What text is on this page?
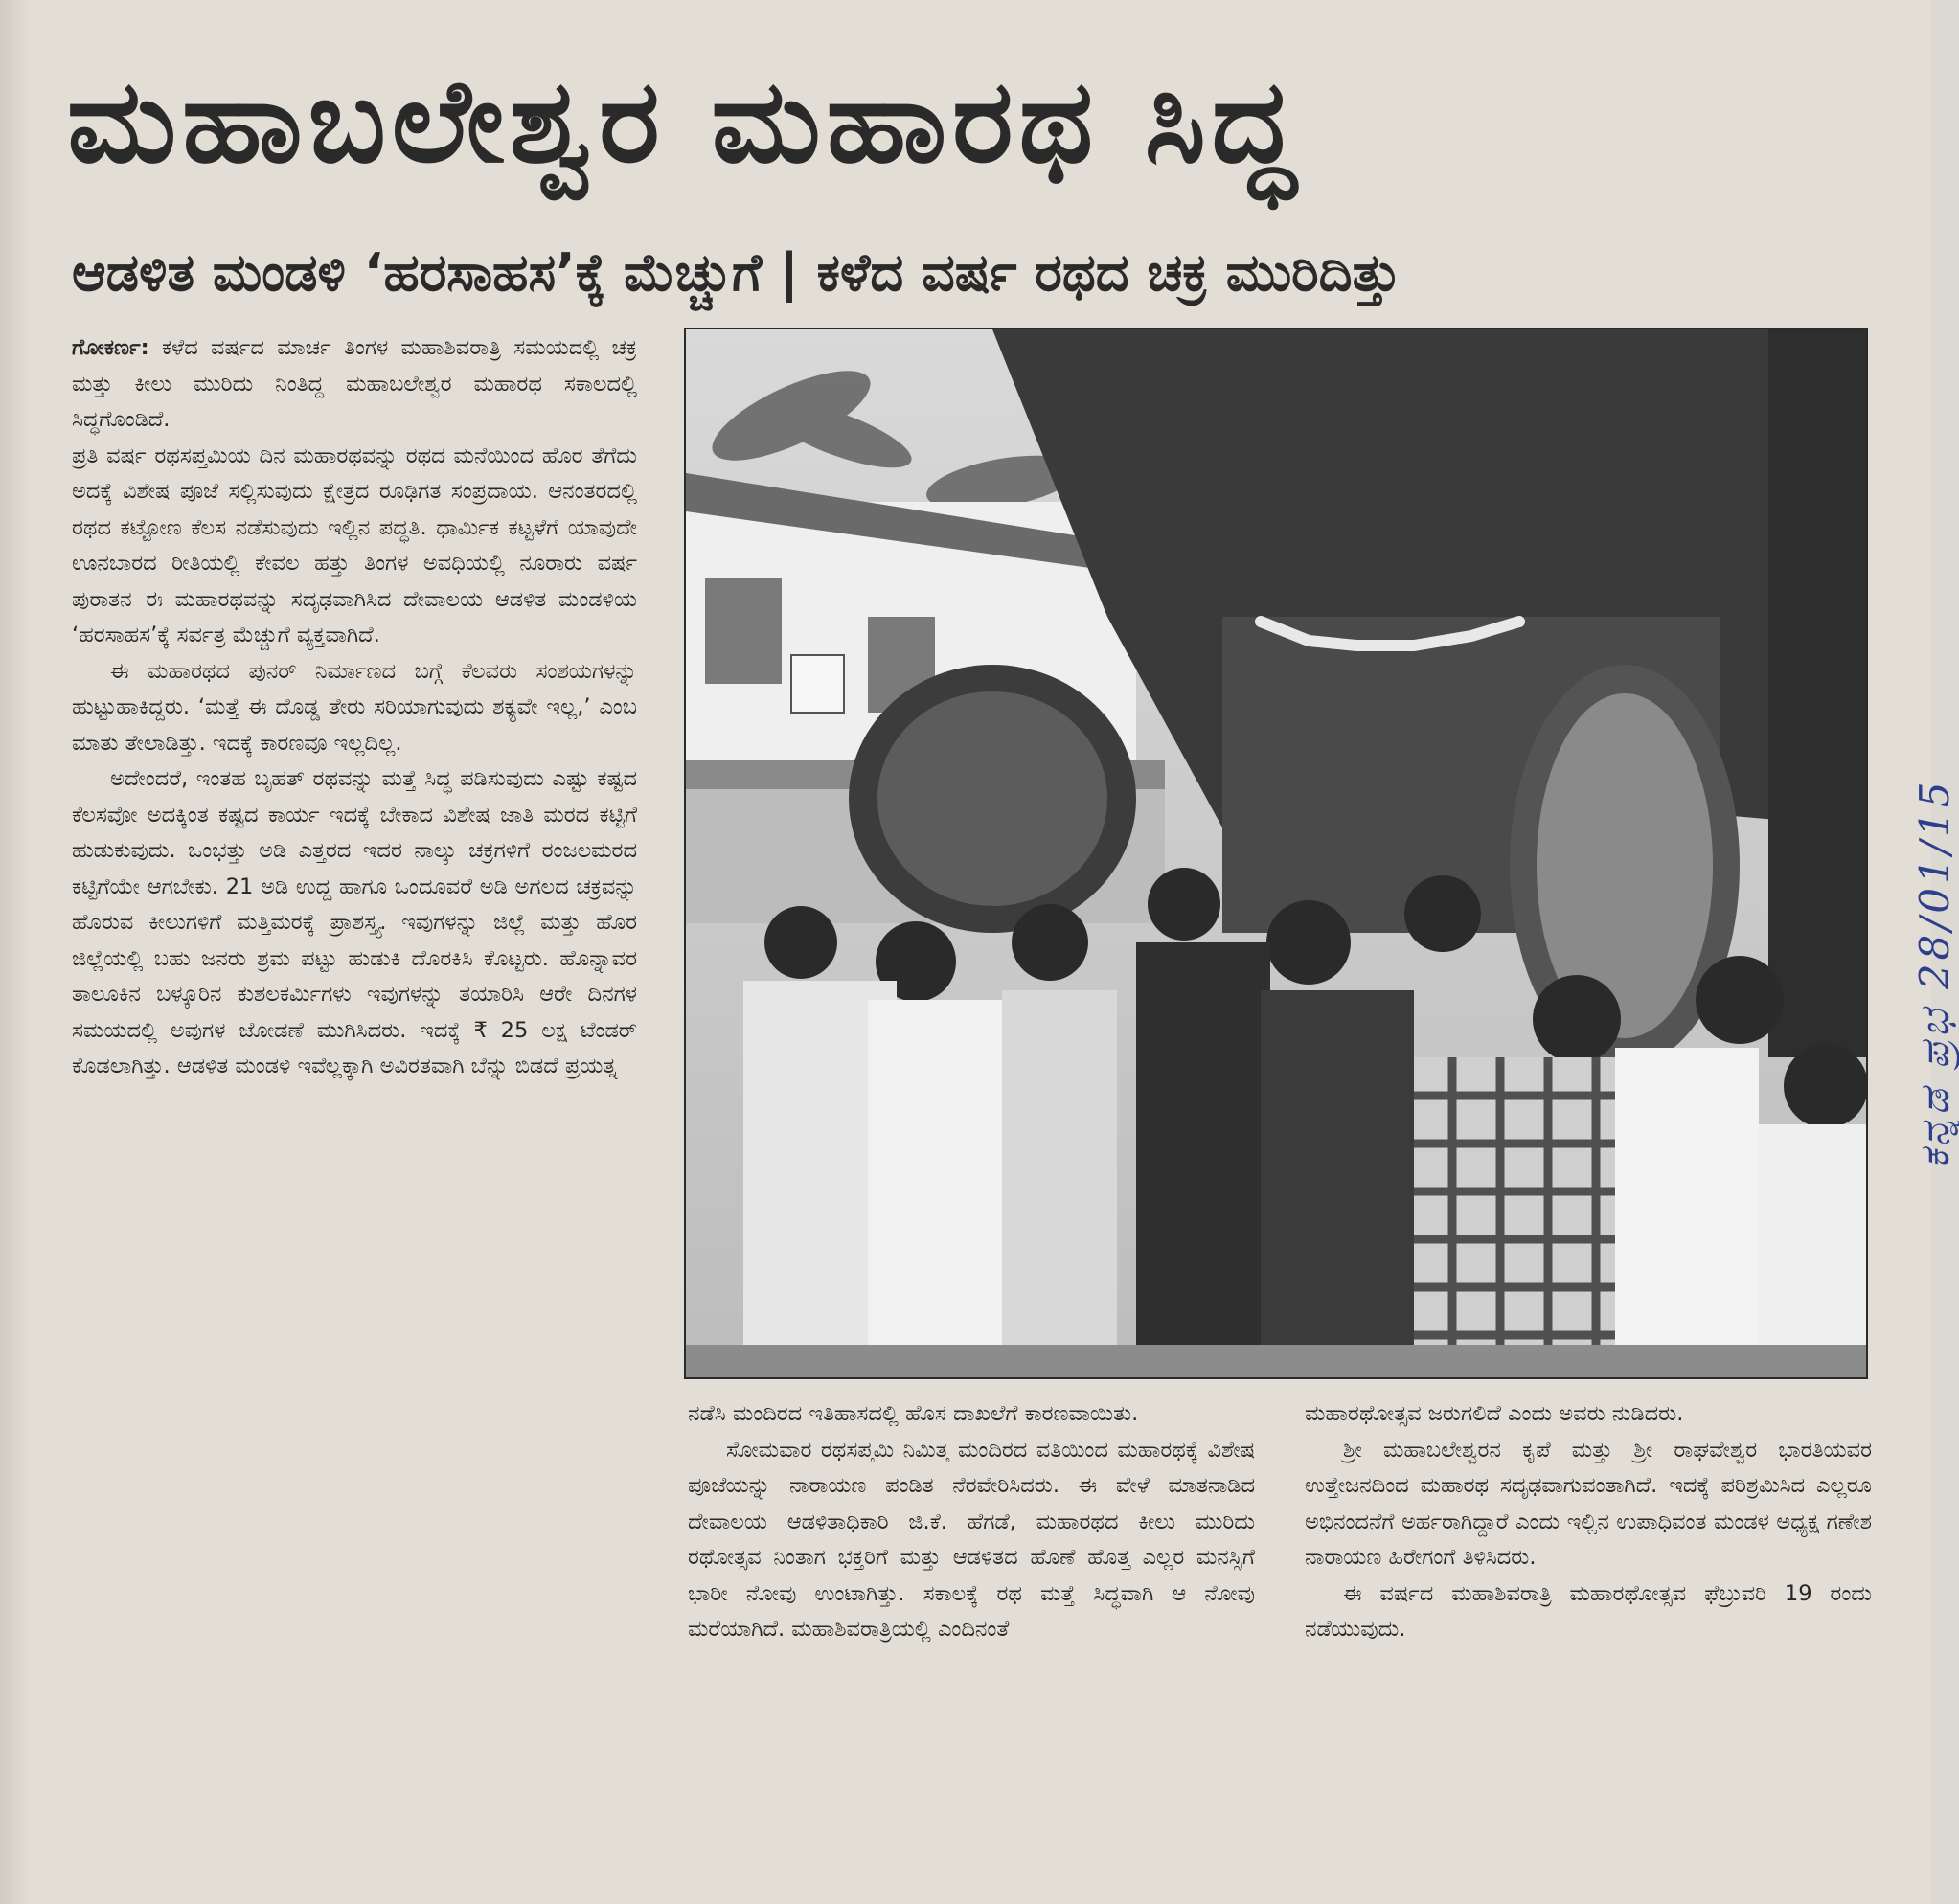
ಮಹಾಬಲೇಶ್ವರ ಮಹಾರಥ ಸಿದ್ಧ
ಆಡಳಿತ ಮಂಡಳಿ ‘ಹರಸಾಹಸ’ಕ್ಕೆ ಮೆಚ್ಚುಗೆ | ಕಳೆದ ವರ್ಷ ರಥದ ಚಕ್ರ ಮುರಿದಿತ್ತು

ಗೋಕರ್ಣ: ಕಳೆದ ವರ್ಷದ ಮಾರ್ಚ ತಿಂಗಳ ಮಹಾಶಿವರಾತ್ರಿ ಸಮಯದಲ್ಲಿ ಚಕ್ರ ಮತ್ತು ಕೀಲು ಮುರಿದು ನಿಂತಿದ್ದ ಮಹಾಬಲೇಶ್ವರ ಮಹಾರಥ ಸಕಾಲದಲ್ಲಿ ಸಿದ್ಧಗೊಂಡಿದೆ.

ಪ್ರತಿ ವರ್ಷ ರಥಸಪ್ತಮಿಯ ದಿನ ಮಹಾರಥವನ್ನು ರಥದ ಮನೆಯಿಂದ ಹೊರ ತೆಗೆದು ಅದಕ್ಕೆ ವಿಶೇಷ ಪೂಜೆ ಸಲ್ಲಿಸುವುದು ಕ್ಷೇತ್ರದ ರೂಢಿಗತ ಸಂಪ್ರದಾಯ. ಆನಂತರದಲ್ಲಿ ರಥದ ಕಟ್ಟೋಣ ಕೆಲಸ ನಡೆಸುವುದು ಇಲ್ಲಿನ ಪದ್ಧತಿ. ಧಾರ್ಮಿಕ ಕಟ್ಟಳೆಗೆ ಯಾವುದೇ ಊನಬಾರದ ರೀತಿಯಲ್ಲಿ ಕೇವಲ ಹತ್ತು ತಿಂಗಳ ಅವಧಿಯಲ್ಲಿ ನೂರಾರು ವರ್ಷ ಪುರಾತನ ಈ ಮಹಾರಥವನ್ನು ಸದೃಢವಾಗಿಸಿದ ದೇವಾಲಯ ಆಡಳಿತ ಮಂಡಳಿಯ ‘ಹರಸಾಹಸ’ಕ್ಕೆ ಸರ್ವತ್ರ ಮೆಚ್ಚುಗೆ ವ್ಯಕ್ತವಾಗಿದೆ.

ಈ ಮಹಾರಥದ ಪುನರ್ ನಿರ್ಮಾಣದ ಬಗ್ಗೆ ಕೆಲವರು ಸಂಶಯಗಳನ್ನು ಹುಟ್ಟುಹಾಕಿದ್ದರು. ‘ಮತ್ತೆ ಈ ದೊಡ್ಡ ತೇರು ಸರಿಯಾಗುವುದು ಶಕ್ಯವೇ ಇಲ್ಲ,’ ಎಂಬ ಮಾತು ತೇಲಾಡಿತ್ತು. ಇದಕ್ಕೆ ಕಾರಣವೂ ಇಲ್ಲದಿಲ್ಲ.

ಅದೇಂದರೆ, ಇಂತಹ ಬೃಹತ್ ರಥವನ್ನು ಮತ್ತೆ ಸಿದ್ಧ ಪಡಿಸುವುದು ಎಷ್ಟು ಕಷ್ಟದ ಕೆಲಸವೋ ಅದಕ್ಕಿಂತ ಕಷ್ಟದ ಕಾರ್ಯ ಇದಕ್ಕೆ ಬೇಕಾದ ವಿಶೇಷ ಜಾತಿ ಮರದ ಕಟ್ಟಿಗೆ ಹುಡುಕುವುದು. ಒಂಭತ್ತು ಅಡಿ ಎತ್ತರದ ಇದರ ನಾಲ್ಕು ಚಕ್ರಗಳಿಗೆ ರಂಜಲಮರದ ಕಟ್ಟಿಗೆಯೇ ಆಗಬೇಕು. 21 ಅಡಿ ಉದ್ದ ಹಾಗೂ ಒಂದೂವರೆ ಅಡಿ ಅಗಲದ ಚಕ್ರವನ್ನು ಹೊರುವ ಕೀಲುಗಳಿಗೆ ಮತ್ತಿಮರಕ್ಕೆ ಪ್ರಾಶಸ್ತ್ಯ. ಇವುಗಳನ್ನು ಜಿಲ್ಲೆ ಮತ್ತು ಹೊರ ಜಿಲ್ಲೆಯಲ್ಲಿ ಬಹು ಜನರು ಶ್ರಮ ಪಟ್ಟು ಹುಡುಕಿ ದೊರಕಿಸಿ ಕೊಟ್ಟರು. ಹೊನ್ನಾವರ ತಾಲೂಕಿನ ಬಳ್ಕೂರಿನ ಕುಶಲಕರ್ಮಿಗಳು ಇವುಗಳನ್ನು ತಯಾರಿಸಿ ಆರೇ ದಿನಗಳ ಸಮಯದಲ್ಲಿ ಅವುಗಳ ಜೋಡಣೆ ಮುಗಿಸಿದರು. ಇದಕ್ಕೆ ₹ 25 ಲಕ್ಷ ಟೆಂಡರ್ ಕೊಡಲಾಗಿತ್ತು. ಆಡಳಿತ ಮಂಡಳಿ ಇವೆಲ್ಲಕ್ಕಾಗಿ ಅವಿರತವಾಗಿ ಬೆನ್ನು ಬಿಡದೆ ಪ್ರಯತ್ನ

ನಡೆಸಿ ಮಂದಿರದ ಇತಿಹಾಸದಲ್ಲಿ ಹೊಸ ದಾಖಲೆಗೆ ಕಾರಣವಾಯಿತು.

ಸೋಮವಾರ ರಥಸಪ್ತಮಿ ನಿಮಿತ್ತ ಮಂದಿರದ ವತಿಯಿಂದ ಮಹಾರಥಕ್ಕೆ ವಿಶೇಷ ಪೂಜೆಯನ್ನು ನಾರಾಯಣ ಪಂಡಿತ ನೆರವೇರಿಸಿದರು. ಈ ವೇಳೆ ಮಾತನಾಡಿದ ದೇವಾಲಯ ಆಡಳಿತಾಧಿಕಾರಿ ಜಿ.ಕೆ. ಹೆಗಡೆ, ಮಹಾರಥದ ಕೀಲು ಮುರಿದು ರಥೋತ್ಸವ ನಿಂತಾಗ ಭಕ್ತರಿಗೆ ಮತ್ತು ಆಡಳಿತದ ಹೊಣೆ ಹೊತ್ತ ಎಲ್ಲರ ಮನಸ್ಸಿಗೆ ಭಾರೀ ನೋವು ಉಂಟಾಗಿತ್ತು. ಸಕಾಲಕ್ಕೆ ರಥ ಮತ್ತೆ ಸಿದ್ಧವಾಗಿ ಆ ನೋವು ಮರೆಯಾಗಿದೆ. ಮಹಾಶಿವರಾತ್ರಿಯಲ್ಲಿ ಎಂದಿನಂತೆ

ಮಹಾರಥೋತ್ಸವ ಜರುಗಲಿದೆ ಎಂದು ಅವರು ನುಡಿದರು.

ಶ್ರೀ ಮಹಾಬಲೇಶ್ವರನ ಕೃಪೆ ಮತ್ತು ಶ್ರೀ ರಾಘವೇಶ್ವರ ಭಾರತಿಯವರ ಉತ್ತೇಜನದಿಂದ ಮಹಾರಥ ಸದೃಢವಾಗುವಂತಾಗಿದೆ. ಇದಕ್ಕೆ ಪರಿಶ್ರಮಿಸಿದ ಎಲ್ಲರೂ ಅಭಿನಂದನೆಗೆ ಅರ್ಹರಾಗಿದ್ದಾರೆ ಎಂದು ಇಲ್ಲಿನ ಉಪಾಧಿವಂತ ಮಂಡಳ ಅಧ್ಯಕ್ಷ ಗಣೇಶ ನಾರಾಯಣ ಹಿರೇಗಂಗೆ ತಿಳಿಸಿದರು.

ಈ ವರ್ಷದ ಮಹಾಶಿವರಾತ್ರಿ ಮಹಾರಥೋತ್ಸವ ಫೆಬ್ರುವರಿ 19 ರಂದು ನಡೆಯುವುದು.

ಕನ್ನಡ ಪ್ರಭ 28/01/15
